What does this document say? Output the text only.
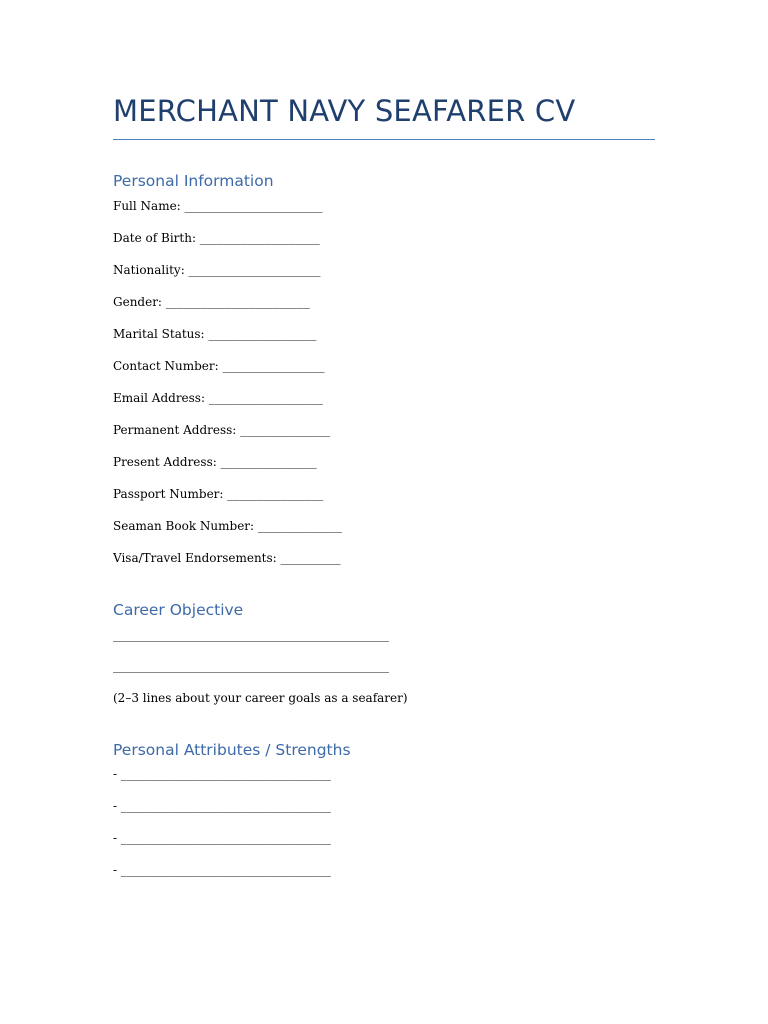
MERCHANT NAVY SEAFARER CV
Personal Information

Full Name: _______________________

Date of Birth: ____________________

Nationality: ______________________

Gender: ________________________

Marital Status: __________________

Contact Number: _________________

Email Address: ___________________

Permanent Address: _______________

Present Address: ________________

Passport Number: ________________

Seaman Book Number: ______________

Visa/Travel Endorsements: __________

Career Objective

______________________________________________

______________________________________________

(2–3 lines about your career goals as a seafarer)

Personal Attributes / Strengths

- ___________________________________

- ___________________________________

- ___________________________________

- ___________________________________
